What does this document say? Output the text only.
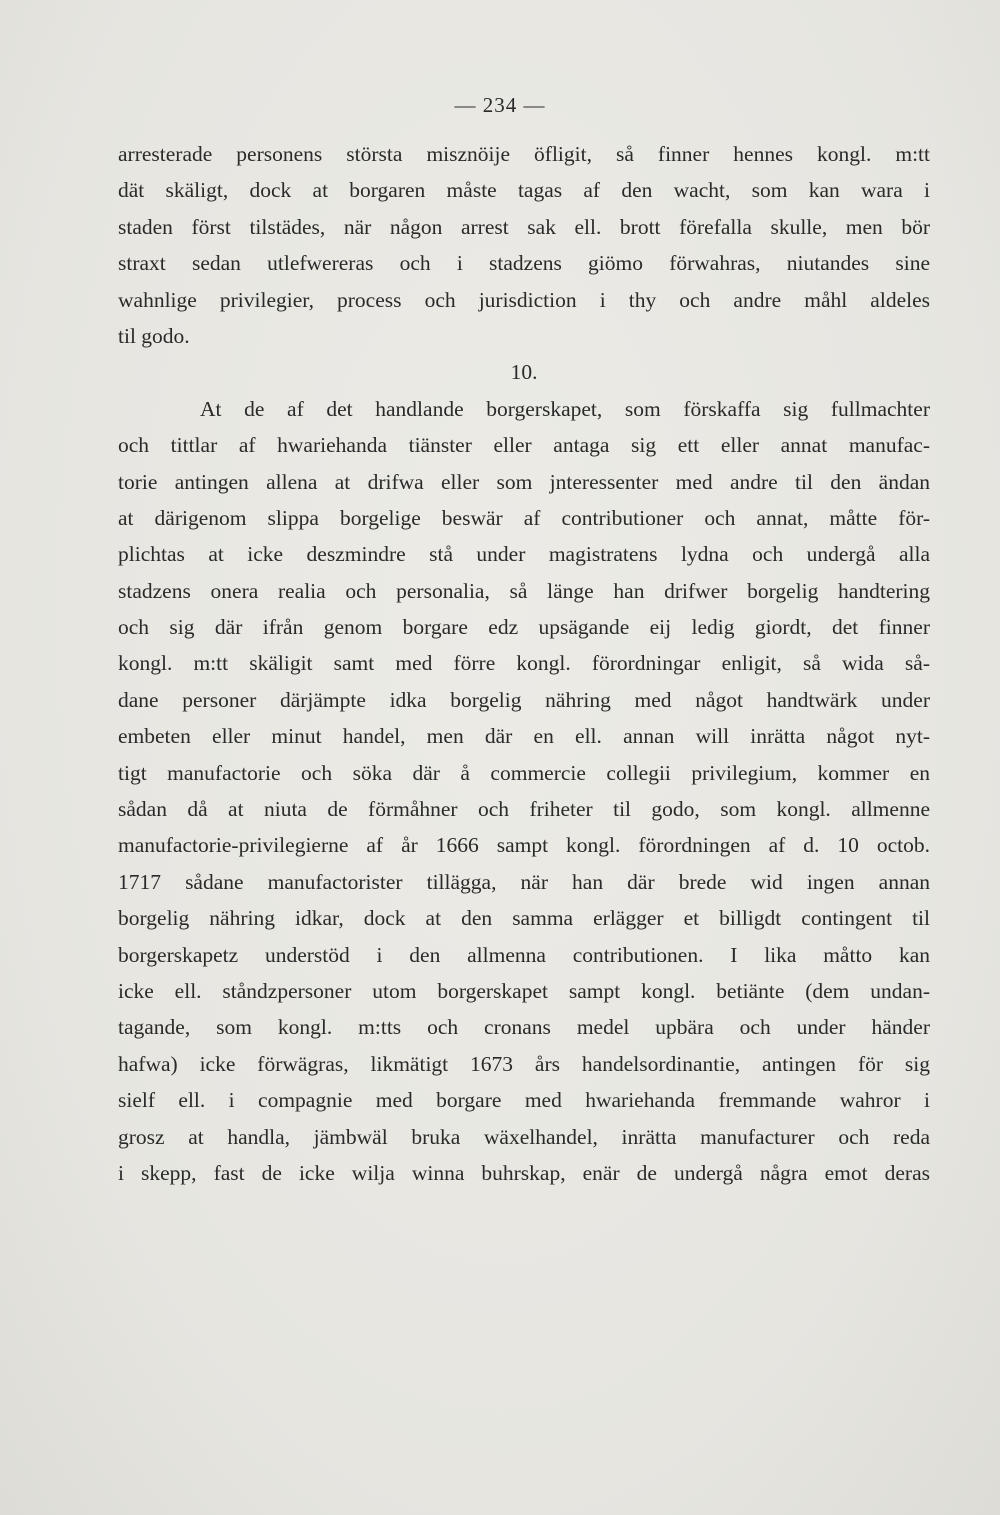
— 234 —
arresterade personens största misznöije öfligit, så finner hennes kongl. m:tt
dät skäligt, dock at borgaren måste tagas af den wacht, som kan wara i
staden först tilstädes, när någon arrest sak ell. brott förefalla skulle, men bör
straxt sedan utlefwereras och i stadzens giömo förwahras, niutandes sine
wahnlige privilegier, process och jurisdiction i thy och andre måhl aldeles
til godo.
10.
At de af det handlande borgerskapet, som förskaffa sig fullmachter
och tittlar af hwariehanda tiänster eller antaga sig ett eller annat manufac-
torie antingen allena at drifwa eller som jnteressenter med andre til den ändan
at därigenom slippa borgelige beswär af contributioner och annat, måtte för-
plichtas at icke deszmindre stå under magistratens lydna och undergå alla
stadzens onera realia och personalia, så länge han drifwer borgelig handtering
och sig där ifrån genom borgare edz upsägande eij ledig giordt, det finner
kongl. m:tt skäligit samt med förre kongl. förordningar enligit, så wida så-
dane personer därjämpte idka borgelig nähring med något handtwärk under
embeten eller minut handel, men där en ell. annan will inrätta något nyt-
tigt manufactorie och söka där å commercie collegii privilegium, kommer en
sådan då at niuta de förmåhner och friheter til godo, som kongl. allmenne
manufactorie-privilegierne af år 1666 sampt kongl. förordningen af d. 10 octob.
1717 sådane manufactorister tillägga, när han där brede wid ingen annan
borgelig nähring idkar, dock at den samma erlägger et billigdt contingent til
borgerskapetz understöd i den allmenna contributionen. I lika måtto kan
icke ell. ståndzpersoner utom borgerskapet sampt kongl. betiänte (dem undan-
tagande, som kongl. m:tts och cronans medel upbära och under händer
hafwa) icke förwägras, likmätigt 1673 års handelsordinantie, antingen för sig
sielf ell. i compagnie med borgare med hwariehanda fremmande wahror i
grosz at handla, jämbwäl bruka wäxelhandel, inrätta manufacturer och reda
i skepp, fast de icke wilja winna buhrskap, enär de undergå några emot deras
